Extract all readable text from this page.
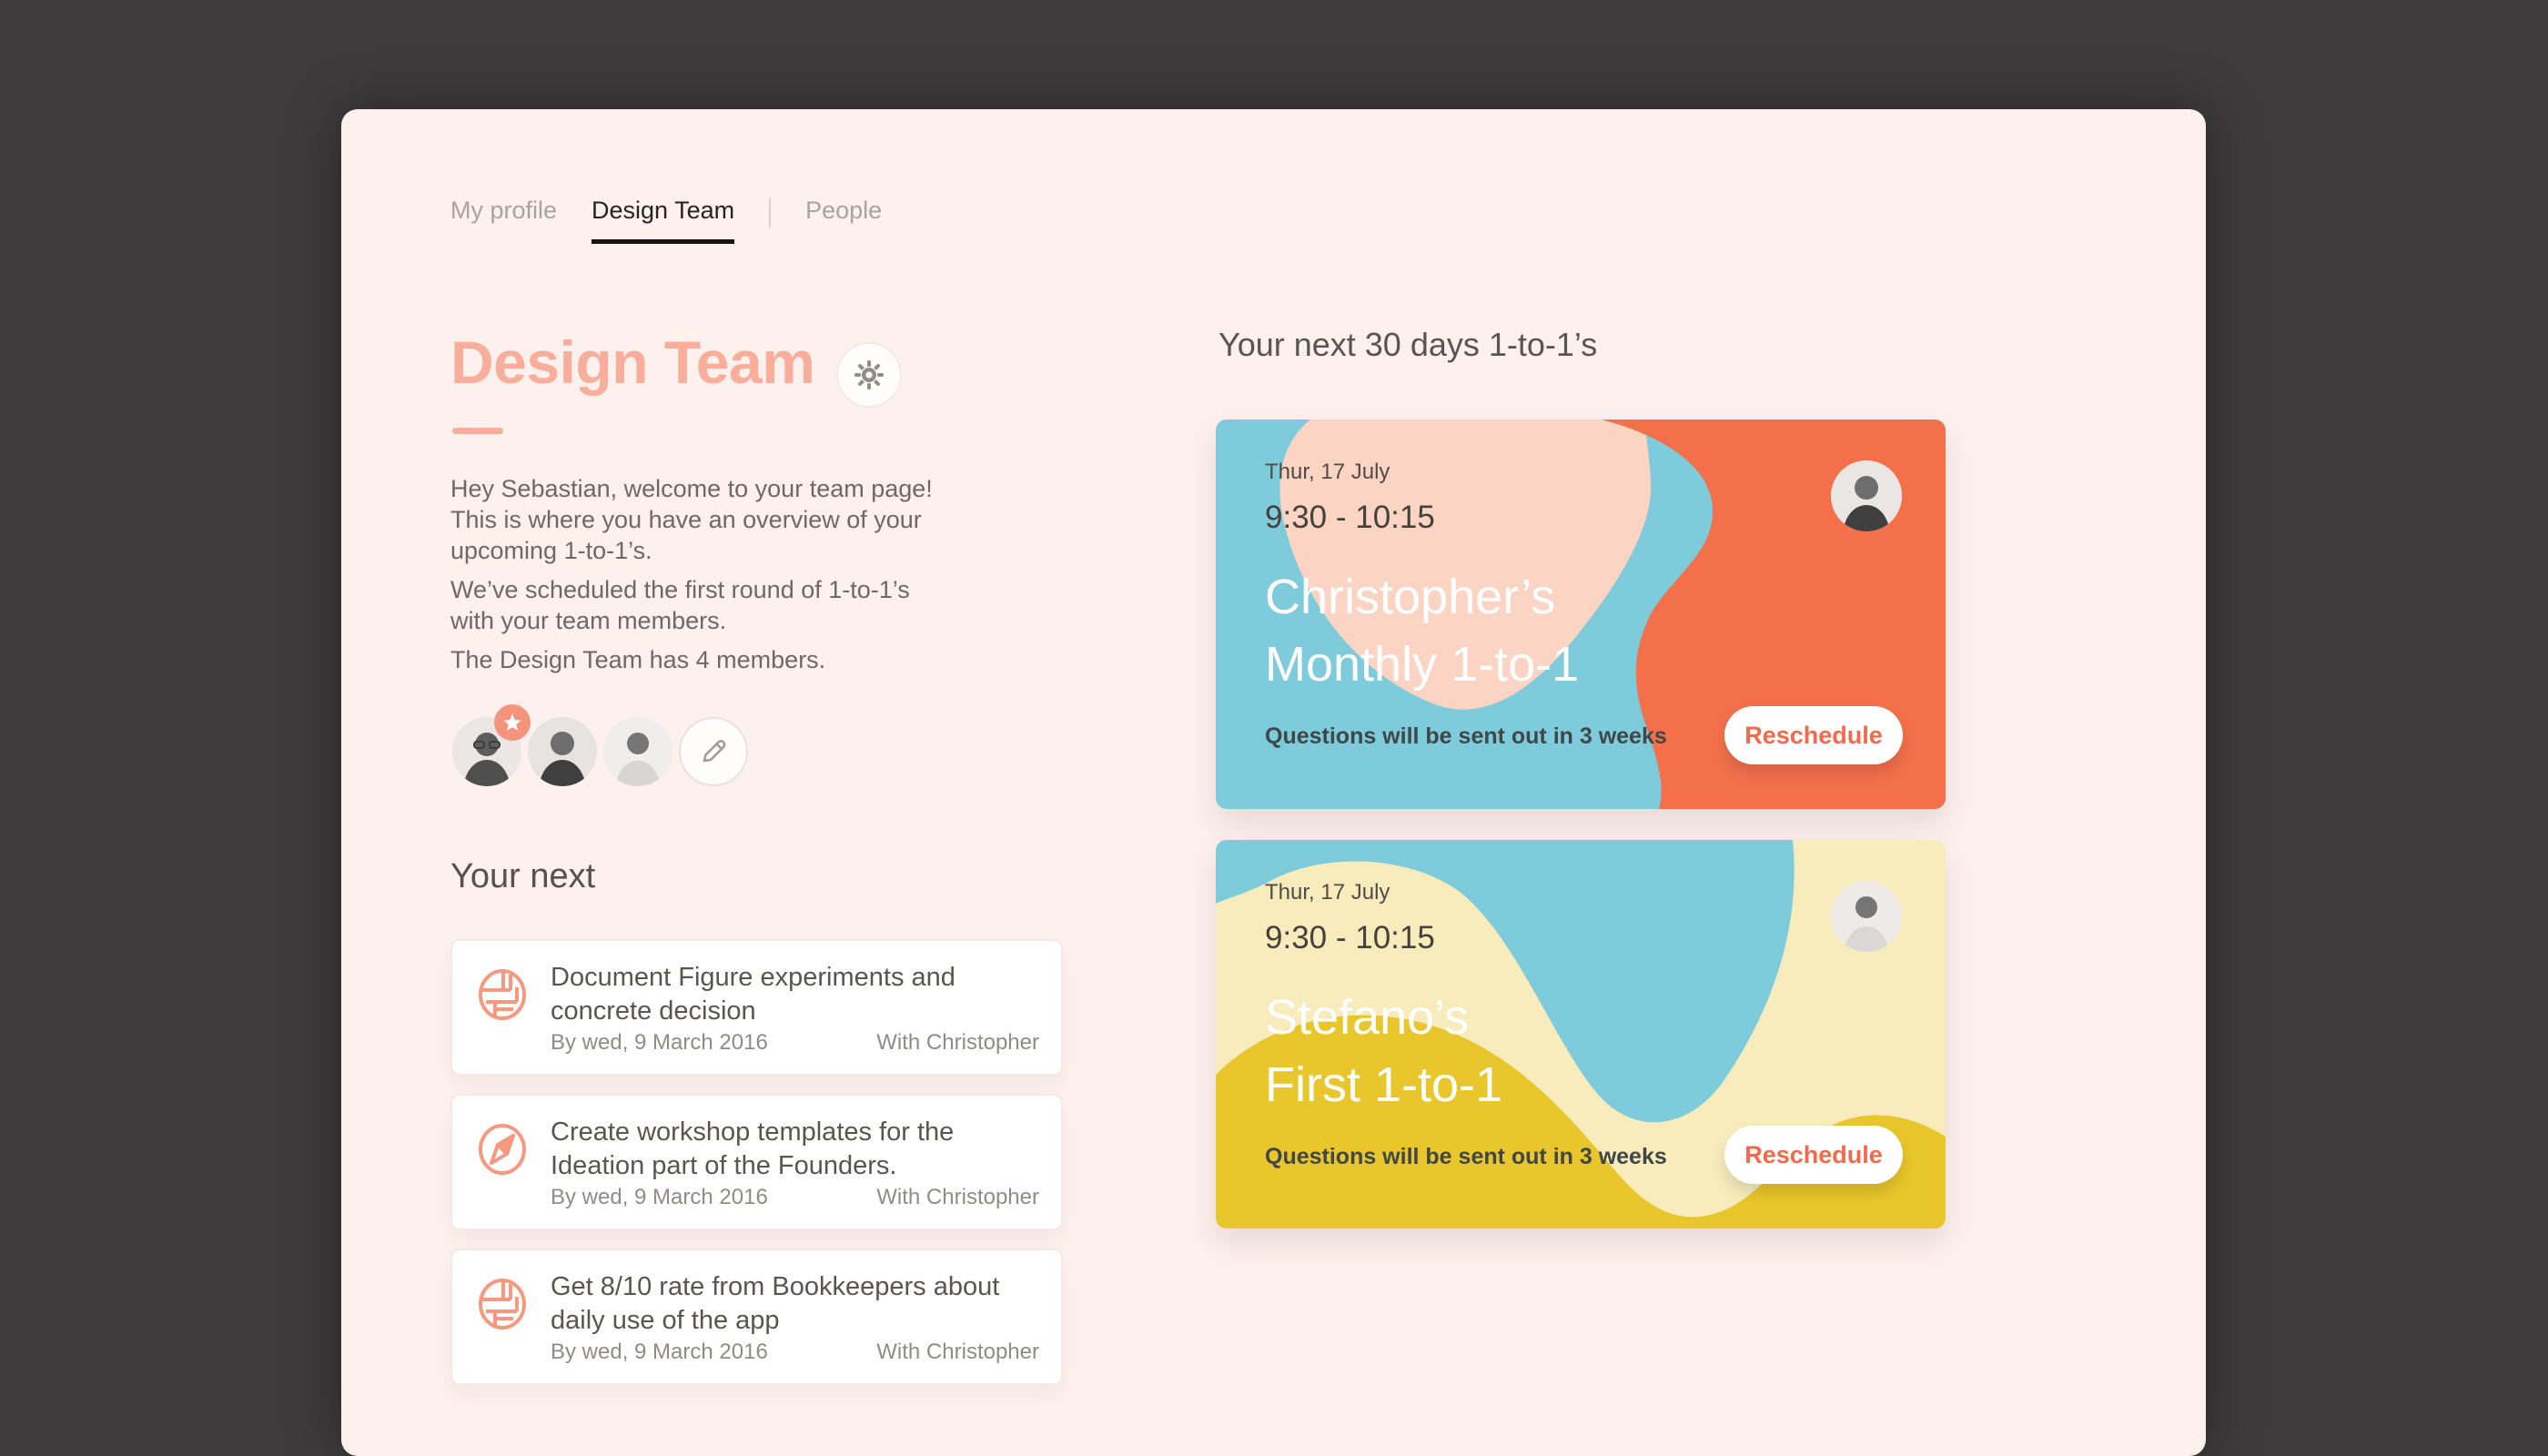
My profile Design Team	People
Design Team

Hey Sebastian, welcome to your team page! This is where you have an overview of your upcoming 1-to-1’s.

We’ve scheduled the first round of 1-to-1’s with your team members.

The Design Team has 4 members.

Your next
Document Figure experiments and concrete decision
By wed, 9 March 2016	With Christopher
Create workshop templates for the Ideation part of the Founders.
By wed, 9 March 2016	With Christopher
Get 8/10 rate from Bookkeepers about daily use of the app
By wed, 9 March 2016	With Christopher
Your next 30 days 1-to-1’s
Thur, 17 July
9:30 - 10:15
Christopher’s
Monthly 1-to-1
Questions will be sent out in 3 weeks	Reschedule
Thur, 17 July
9:30 - 10:15
Stefano’s
First 1-to-1
Questions will be sent out in 3 weeks	Reschedule
